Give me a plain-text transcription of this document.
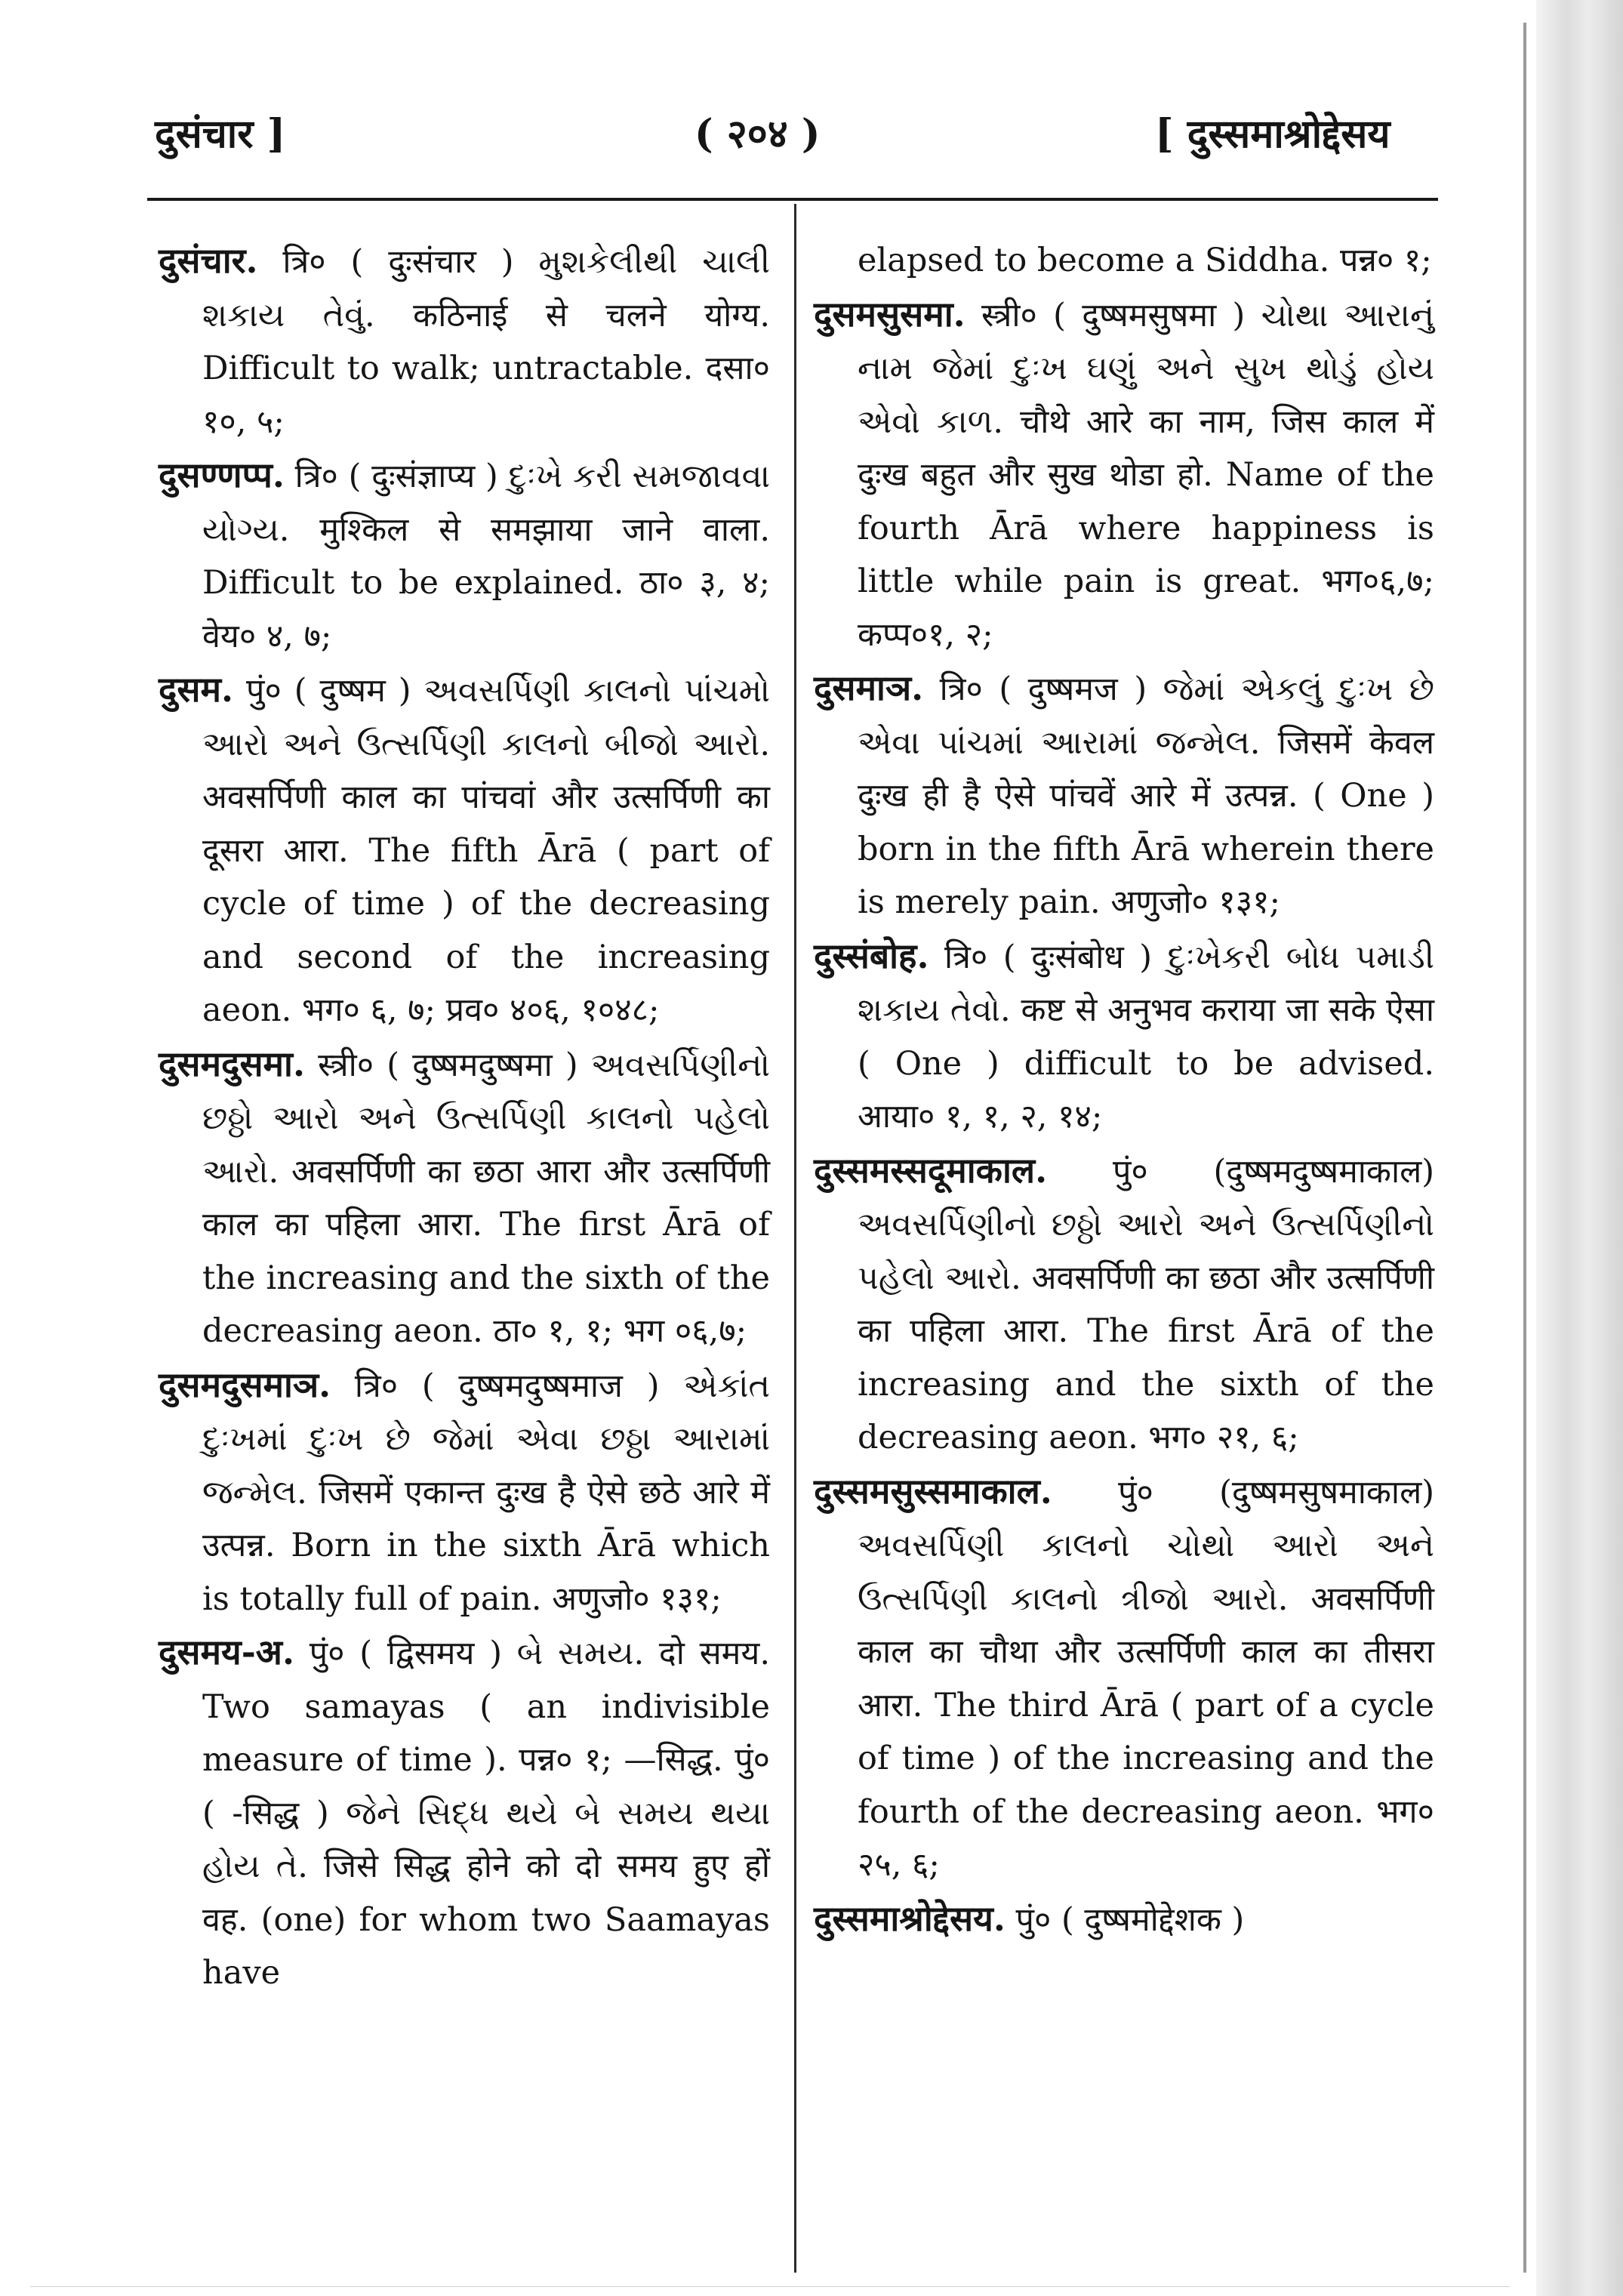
दुसंचार ]	( २०४ )	[ दुस्समाश्रोद्देसय

दुसंचार. त्रि० ( दुःसंचार ) મુશકેલીથી ચાલી શકાય તેવું. कठिनाई से चलने योग्य. Difficult to walk; untractable. दसा० १०, ५;

दुसण्णप्प. त्रि० ( दुःसंज्ञाप्य ) દુઃખે કરી સમજાવવા યોગ્ય. मुश्किल से समझाया जाने वाला. Difficult to be explained. ठा० ३, ४; वेय० ४, ७;

दुसम. पुं० ( दुष्षम ) અવસર્પિણી કાલનો પાંચમો આરો અને ઉત્સર્પિણી કાલનો બીજો આરો. अवसर्पिणी काल का पांचवां और उत्सर्पिणी का दूसरा आरा. The fifth Ārā ( part of cycle of time ) of the decreasing and second of the increasing aeon. भग० ६, ७; प्रव० ४०६, १०४८;

दुसमदुसमा. स्त्री० ( दुष्षमदुष्षमा ) અવસર્પિણીનો છઠ્ઠો આરો અને ઉત્સર્પિણી કાલનો પહેલો આરો. अवसर्पिणी का छठा आरा और उत्सर्पिणी काल का पहिला आरा. The first Ārā of the increasing and the sixth of the decreasing aeon. ठा० १, १; भग ०६,७;

दुसमदुसमाञ. त्रि० ( दुष्षमदुष्षमाज ) એકાંત દુઃખમાં દુઃખ છે જેમાં એવા છઠ્ઠા આરામાં જન્મેલ. जिसमें एकान्त दुःख है ऐसे छठे आरे में उत्पन्न. Born in the sixth Ārā which is totally full of pain. अणुजो० १३१;

दुसमय-अ. पुं० ( द्विसमय ) બે સમય. दो समय. Two samayas ( an indivisible measure of time ). पन्न० १; —सिद्ध. पुं० ( -सिद्ध ) જેને સિદ્ધ થયે બે સમય થયા હોય તે. जिसे सिद्ध होने को दो समय हुए हों वह. (one) for whom two Saamayas have

elapsed to become a Siddha. पन्न० १;

दुसमसुसमा. स्त्री० ( दुष्षमसुषमा ) ચોથા આરાનું નામ જેમાં દુઃખ ઘણું અને સુખ થોડું હોય એવો કાળ. चौथे आरे का नाम, जिस काल में दुःख बहुत और सुख थोडा हो. Name of the fourth Ārā where happiness is little while pain is great. भग०६,७; कप्प०१, २;

दुसमाञ. त्रि० ( दुष्षमज ) જેમાં એકલું દુઃખ છે એવા પાંચમાં આરામાં જન્મેલ. जिसमें केवल दुःख ही है ऐसे पांचवें आरे में उत्पन्न. ( One ) born in the fifth Ārā wherein there is merely pain. अणुजो० १३१;

दुस्संबोह. त्रि० ( दुःसंबोध ) દુઃખેકરી બોધ પમાડી શકાય તેવો. कष्ट से अनुभव कराया जा सके ऐसा ( One ) difficult to be advised. आया० १, १, २, १४;

दुस्समस्सदूमाकाल. पुं० (दुष्षमदुष्षमाकाल) અવસર્પિણીનો છઠ્ઠો આરો અને ઉત્સર્પિણીનો પહેલો આરો. अवसर्पिणी का छठा और उत्सर्पिणी का पहिला आरा. The first Ārā of the increasing and the sixth of the decreasing aeon. भग० २१, ६;

दुस्समसुस्समाकाल. पुं० (दुष्षमसुषमाकाल) અવસર્પિણી કાલનો ચોથો આરો અને ઉત્સર્પિણી કાલનો ત્રીજો આરો. अवसर्पिणी काल का चौथा और उत्सर्पिणी काल का तीसरा आरा. The third Ārā ( part of a cycle of time ) of the increasing and the fourth of the decreasing aeon. भग० २५, ६;

दुस्समाश्रोद्देसय. पुं० ( दुष्षमोद्देशक )
